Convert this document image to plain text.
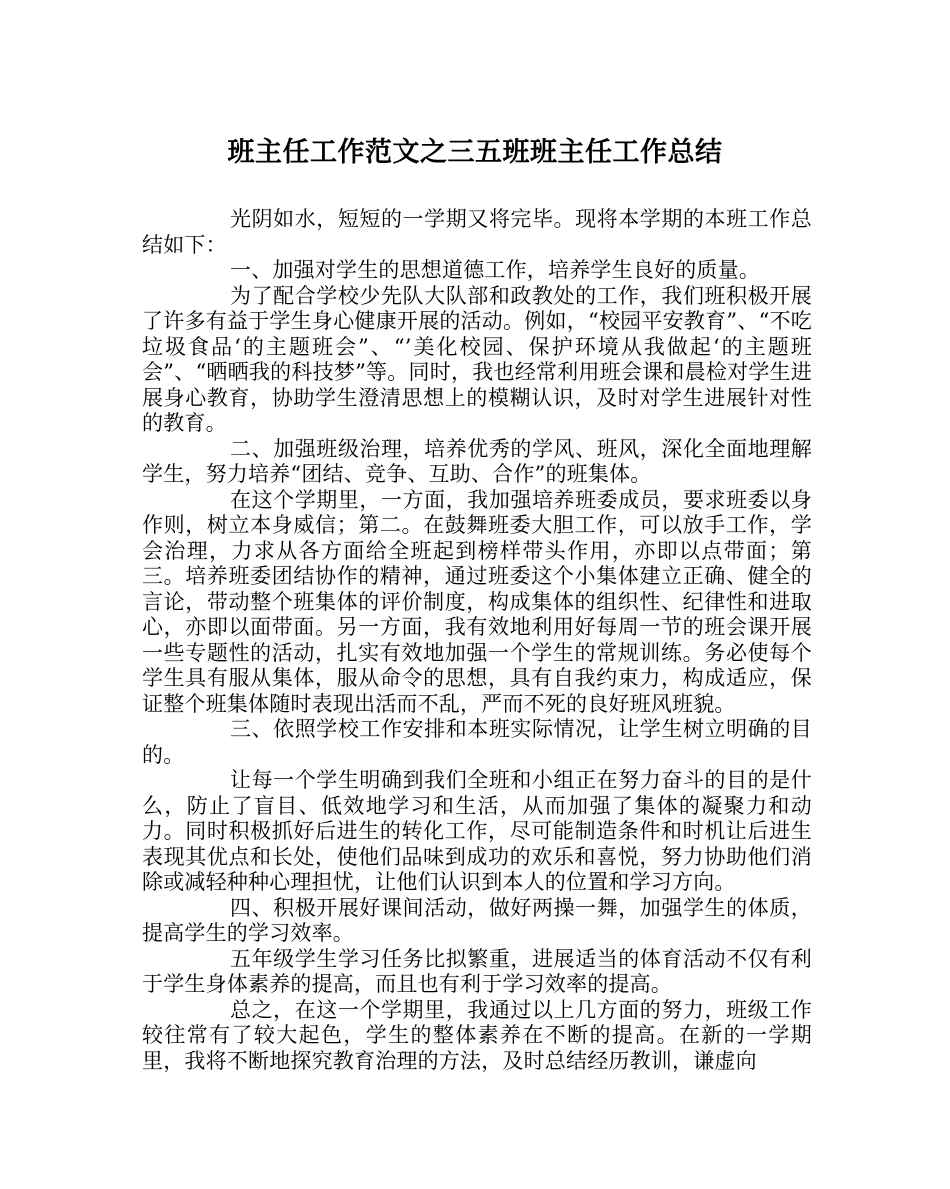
班主任工作范文之三五班班主任工作总结

光阴如水，短短的一学期又将完毕。现将本学期的本班工作总结如下：

一、加强对学生的思想道德工作，培养学生良好的质量。

为了配合学校少先队大队部和政教处的工作，我们班积极开展了许多有益于学生身心健康开展的活动。例如，“校园平安教育”、“不吃垃圾食品‘的主题班会”、“’美化校园、保护环境从我做起‘的主题班会”、“晒晒我的科技梦”等。同时，我也经常利用班会课和晨检对学生进展身心教育，协助学生澄清思想上的模糊认识，及时对学生进展针对性的教育。

二、加强班级治理，培养优秀的学风、班风，深化全面地理解学生，努力培养“团结、竞争、互助、合作”的班集体。

在这个学期里，一方面，我加强培养班委成员，要求班委以身作则，树立本身威信；第二。在鼓舞班委大胆工作，可以放手工作，学会治理，力求从各方面给全班起到榜样带头作用，亦即以点带面；第三。培养班委团结协作的精神，通过班委这个小集体建立正确、健全的言论，带动整个班集体的评价制度，构成集体的组织性、纪律性和进取心，亦即以面带面。另一方面，我有效地利用好每周一节的班会课开展一些专题性的活动，扎实有效地加强一个学生的常规训练。务必使每个学生具有服从集体，服从命令的思想，具有自我约束力，构成适应，保证整个班集体随时表现出活而不乱，严而不死的良好班风班貌。

三、依照学校工作安排和本班实际情况，让学生树立明确的目的。

让每一个学生明确到我们全班和小组正在努力奋斗的目的是什么，防止了盲目、低效地学习和生活，从而加强了集体的凝聚力和动力。同时积极抓好后进生的转化工作，尽可能制造条件和时机让后进生表现其优点和长处，使他们品味到成功的欢乐和喜悦，努力协助他们消除或减轻种种心理担忧，让他们认识到本人的位置和学习方向。

四、积极开展好课间活动，做好两操一舞，加强学生的体质，提高学生的学习效率。

五年级学生学习任务比拟繁重，进展适当的体育活动不仅有利于学生身体素养的提高，而且也有利于学习效率的提高。

总之，在这一个学期里，我通过以上几方面的努力，班级工作较往常有了较大起色，学生的整体素养在不断的提高。在新的一学期里，我将不断地探究教育治理的方法，及时总结经历教训，谦虚向
